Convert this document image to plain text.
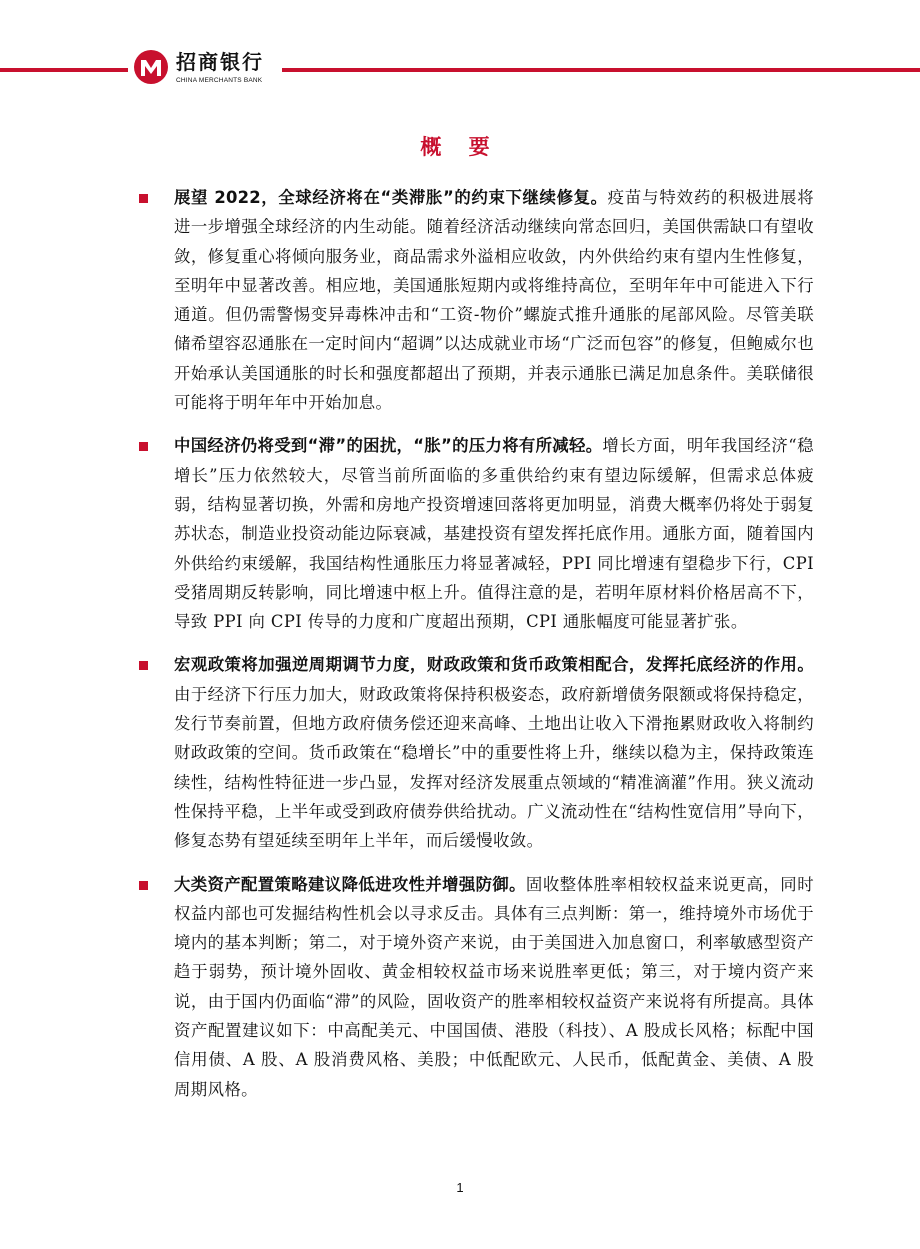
招商银行
CHINA MERCHANTS BANK
概 要

展望 2022，全球经济将在“类滞胀”的约束下继续修复。疫苗与特效药的积极进展将进一步增强全球经济的内生动能。随着经济活动继续向常态回归，美国供需缺口有望收敛，修复重心将倾向服务业，商品需求外溢相应收敛，内外供给约束有望内生性修复，至明年中显著改善。相应地，美国通胀短期内或将维持高位，至明年年中可能进入下行通道。但仍需警惕变异毒株冲击和“工资-物价”螺旋式推升通胀的尾部风险。尽管美联储希望容忍通胀在一定时间内“超调”以达成就业市场“广泛而包容”的修复，但鲍威尔也开始承认美国通胀的时长和强度都超出了预期，并表示通胀已满足加息条件。美联储很可能将于明年年中开始加息。

中国经济仍将受到“滞”的困扰，“胀”的压力将有所减轻。增长方面，明年我国经济“稳增长”压力依然较大，尽管当前所面临的多重供给约束有望边际缓解，但需求总体疲弱，结构显著切换，外需和房地产投资增速回落将更加明显，消费大概率仍将处于弱复苏状态，制造业投资动能边际衰减，基建投资有望发挥托底作用。通胀方面，随着国内外供给约束缓解，我国结构性通胀压力将显著减轻，PPI 同比增速有望稳步下行，CPI 受猪周期反转影响，同比增速中枢上升。值得注意的是，若明年原材料价格居高不下，导致 PPI 向 CPI 传导的力度和广度超出预期，CPI 通胀幅度可能显著扩张。

宏观政策将加强逆周期调节力度，财政政策和货币政策相配合，发挥托底经济的作用。由于经济下行压力加大，财政政策将保持积极姿态，政府新增债务限额或将保持稳定，发行节奏前置，但地方政府债务偿还迎来高峰、土地出让收入下滑拖累财政收入将制约财政政策的空间。货币政策在“稳增长”中的重要性将上升，继续以稳为主，保持政策连续性，结构性特征进一步凸显，发挥对经济发展重点领域的“精准滴灌”作用。狭义流动性保持平稳，上半年或受到政府债券供给扰动。广义流动性在“结构性宽信用”导向下，修复态势有望延续至明年上半年，而后缓慢收敛。

大类资产配置策略建议降低进攻性并增强防御。固收整体胜率相较权益来说更高，同时权益内部也可发掘结构性机会以寻求反击。具体有三点判断：第一，维持境外市场优于境内的基本判断；第二，对于境外资产来说，由于美国进入加息窗口，利率敏感型资产趋于弱势，预计境外固收、黄金相较权益市场来说胜率更低；第三，对于境内资产来说，由于国内仍面临“滞”的风险，固收资产的胜率相较权益资产来说将有所提高。具体资产配置建议如下：中高配美元、中国国债、港股（科技）、A 股成长风格；标配中国信用债、A 股、A 股消费风格、美股；中低配欧元、人民币，低配黄金、美债、A 股周期风格。

1
